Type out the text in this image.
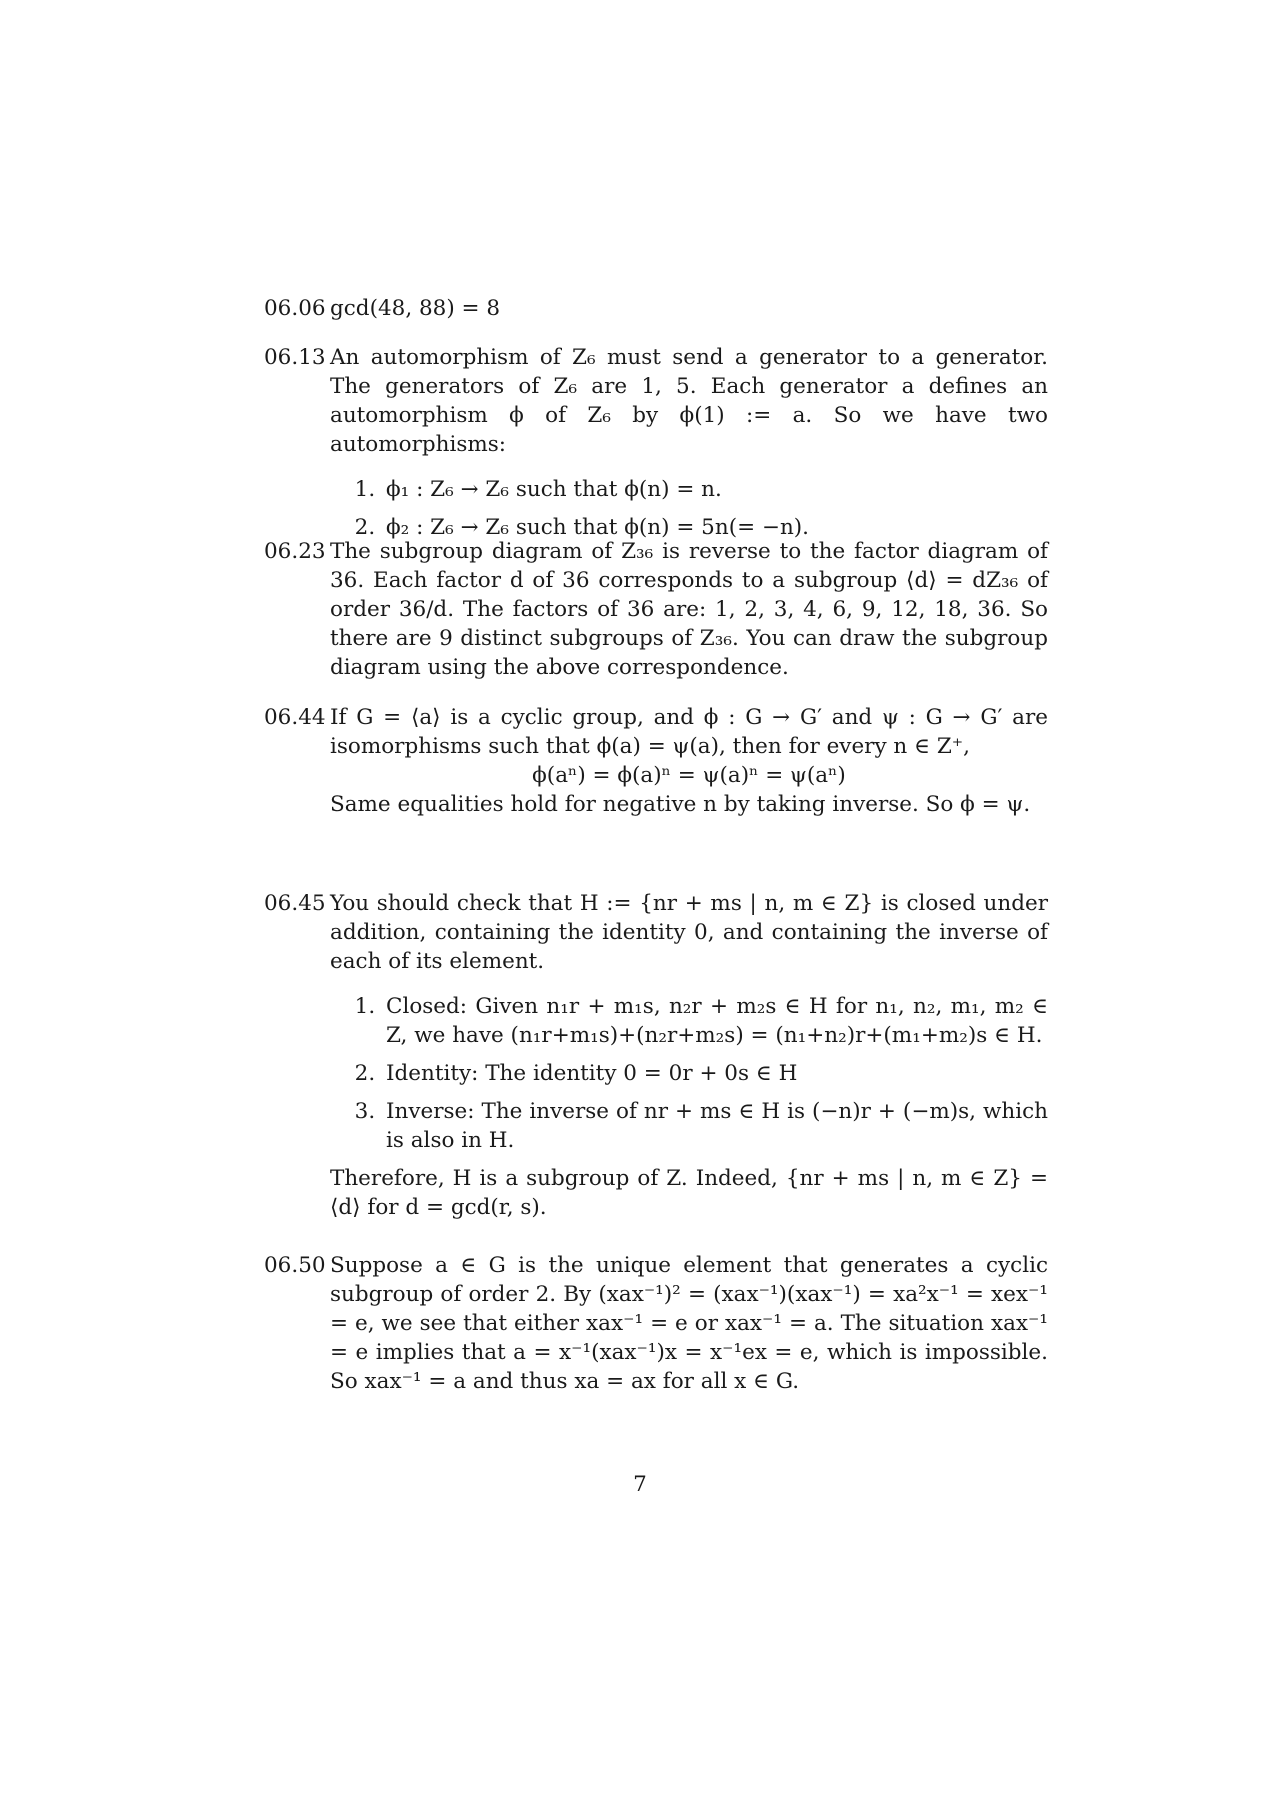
06.06 gcd(48, 88) = 8

06.13 An automorphism of Z₆ must send a generator to a generator. The generators of Z₆ are 1, 5. Each generator a defines an automorphism ϕ of Z₆ by ϕ(1) := a. So we have two automorphisms:

1. ϕ₁ : Z₆ → Z₆ such that ϕ(n) = n.
2. ϕ₂ : Z₆ → Z₆ such that ϕ(n) = 5n(= −n).
06.23 The subgroup diagram of Z₃₆ is reverse to the factor diagram of 36. Each factor d of 36 corresponds to a subgroup ⟨d⟩ = dZ₃₆ of order 36/d. The factors of 36 are: 1, 2, 3, 4, 6, 9, 12, 18, 36. So there are 9 distinct subgroups of Z₃₆. You can draw the subgroup diagram using the above correspondence.

06.44 If G = ⟨a⟩ is a cyclic group, and ϕ : G → G′ and ψ : G → G′ are isomorphisms such that ϕ(a) = ψ(a), then for every n ∈ Z⁺,

ϕ(aⁿ) = ϕ(a)ⁿ = ψ(a)ⁿ = ψ(aⁿ)

Same equalities hold for negative n by taking inverse. So ϕ = ψ.

06.45 You should check that H := {nr + ms | n, m ∈ Z} is closed under addition, containing the identity 0, and containing the inverse of each of its element.

1. Closed: Given n₁r + m₁s, n₂r + m₂s ∈ H for n₁, n₂, m₁, m₂ ∈ Z, we have (n₁r+m₁s)+(n₂r+m₂s) = (n₁+n₂)r+(m₁+m₂)s ∈ H.
2. Identity: The identity 0 = 0r + 0s ∈ H
3. Inverse: The inverse of nr + ms ∈ H is (−n)r + (−m)s, which is also in H.

Therefore, H is a subgroup of Z. Indeed, {nr + ms | n, m ∈ Z} = ⟨d⟩ for d = gcd(r, s).

06.50 Suppose a ∈ G is the unique element that generates a cyclic subgroup of order 2. By (xax⁻¹)² = (xax⁻¹)(xax⁻¹) = xa²x⁻¹ = xex⁻¹ = e, we see that either xax⁻¹ = e or xax⁻¹ = a. The situation xax⁻¹ = e implies that a = x⁻¹(xax⁻¹)x = x⁻¹ex = e, which is impossible. So xax⁻¹ = a and thus xa = ax for all x ∈ G.

7
